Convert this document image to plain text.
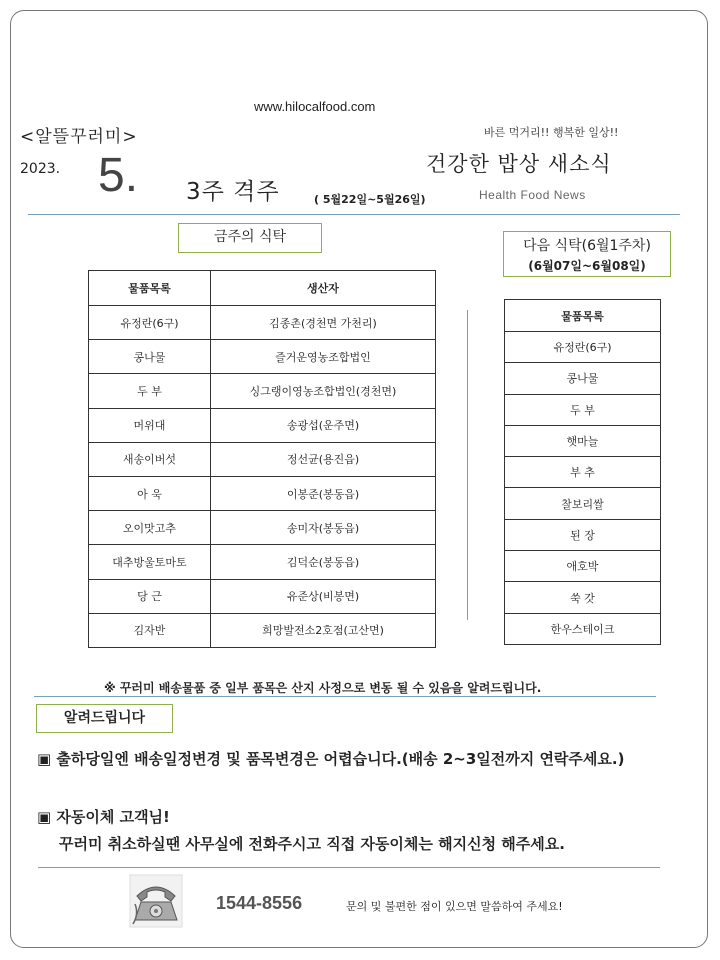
www.hilocalfood.com
<알뜰꾸러미>
2023. 5. 3주 격주	( 5월22일~5월26일)
바른 먹거리!! 행복한 일상!!
건강한 밥상 새소식
Health Food News
금주의 식탁
물품목록	생산자
유정란(6구)	김종촌(경천면 가천리)
콩나물	즐거운영농조합법인
두 부	싱그랭이영농조합법인(경천면)
머위대	송광섭(운주면)
새송이버섯	정선균(용진읍)
아 욱	이봉준(봉동읍)
오이맛고추	송미자(봉동읍)
대추방울토마토	김덕순(봉동읍)
당 근	유준상(비봉면)
김자반	희망발전소2호점(고산면)
다음 식탁(6월1주차)
(6월07일~6월08일)
물품목록
유정란(6구)
콩나물
두 부
햇마늘
부 추
찰보리쌀
된 장
애호박
쑥 갓
한우스테이크
※ 꾸러미 배송물품 중 일부 품목은 산지 사정으로 변동 될 수 있음을 알려드립니다.
알려드립니다
▣ 출하당일엔 배송일정변경 및 품목변경은 어렵습니다.(배송 2~3일전까지 연락주세요.)
▣ 자동이체 고객님!
꾸러미 취소하실땐 사무실에 전화주시고 직접 자동이체는 해지신청 해주세요.
1544-8556	문의 및 불편한 점이 있으면 말씀하여 주세요!
